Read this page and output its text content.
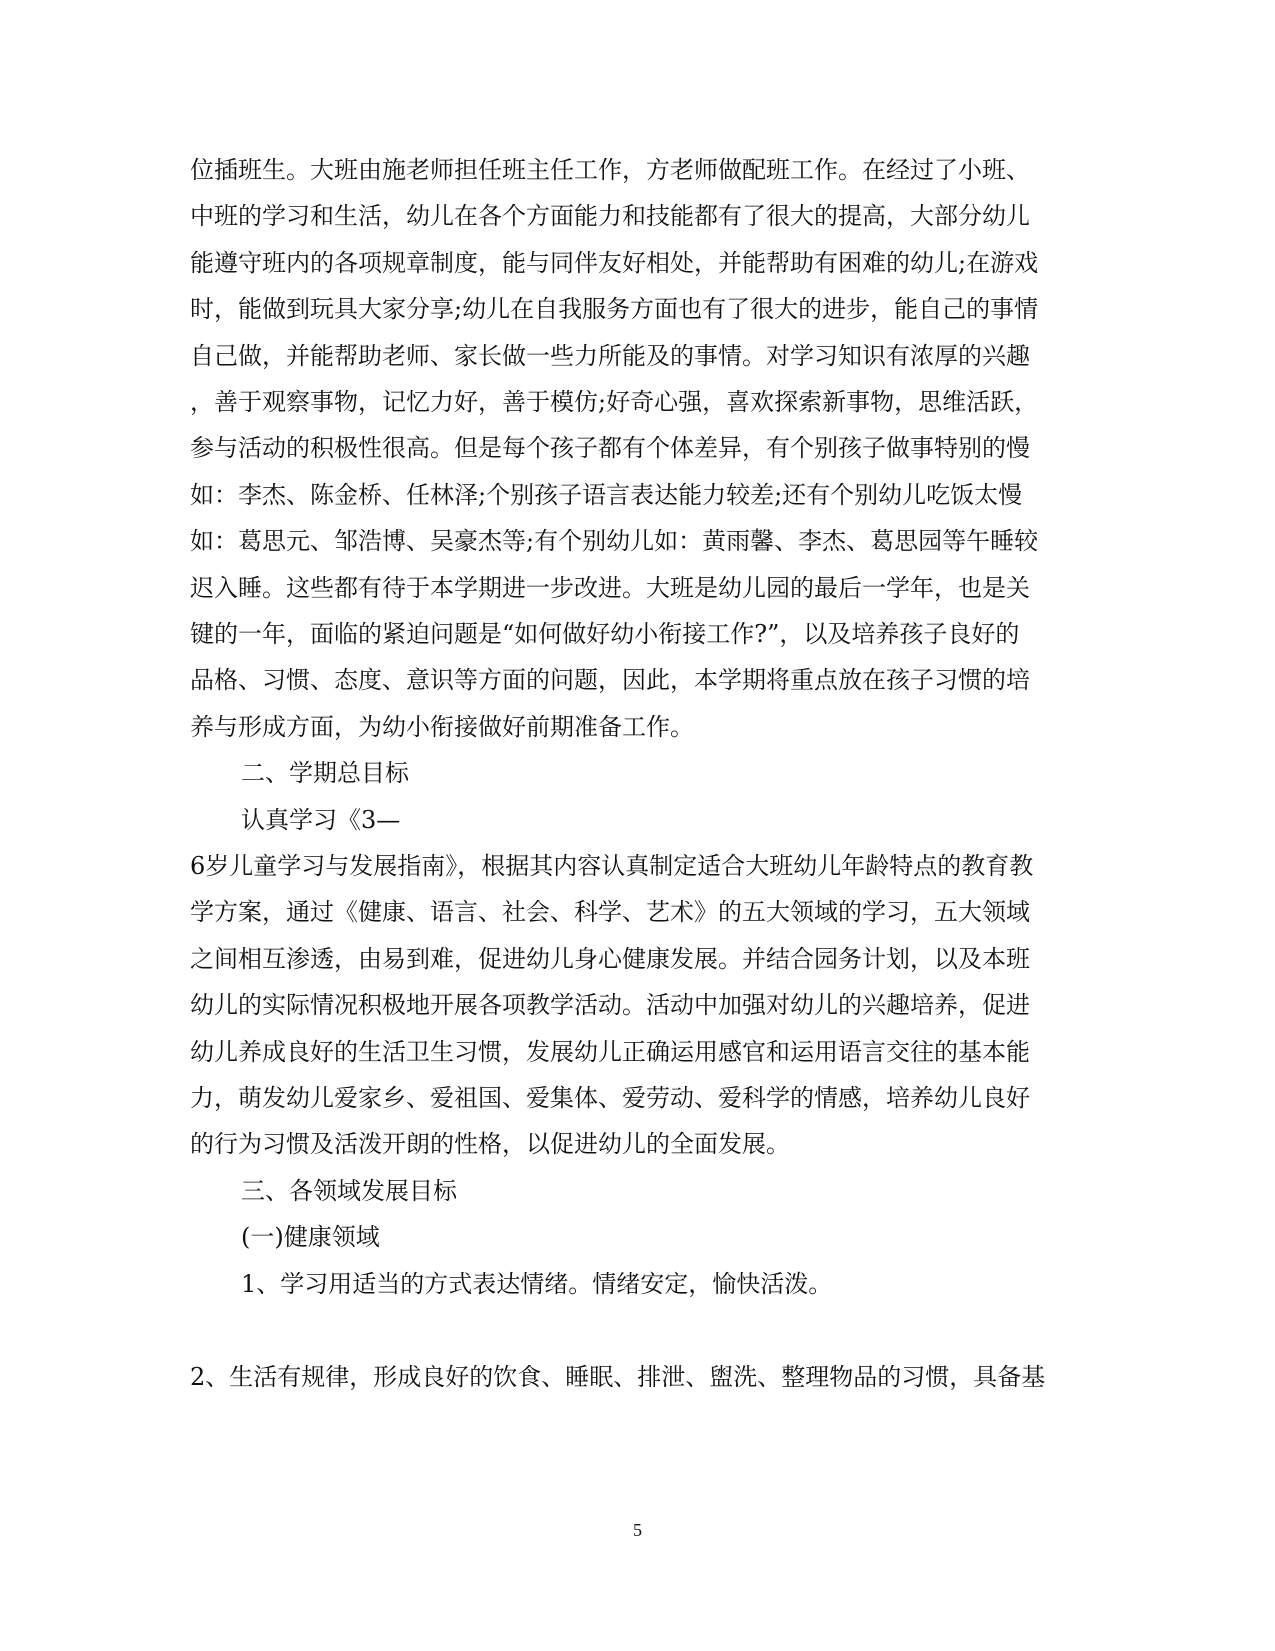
位插班生。大班由施老师担任班主任工作，方老师做配班工作。在经过了小班、
中班的学习和生活，幼儿在各个方面能力和技能都有了很大的提高，大部分幼儿
能遵守班内的各项规章制度，能与同伴友好相处，并能帮助有困难的幼儿;在游戏
时，能做到玩具大家分享;幼儿在自我服务方面也有了很大的进步，能自己的事情
自己做，并能帮助老师、家长做一些力所能及的事情。对学习知识有浓厚的兴趣
，善于观察事物，记忆力好，善于模仿;好奇心强，喜欢探索新事物，思维活跃，
参与活动的积极性很高。但是每个孩子都有个体差异，有个别孩子做事特别的慢
如：李杰、陈金桥、任林泽;个别孩子语言表达能力较差;还有个别幼儿吃饭太慢
如：葛思元、邹浩博、吴豪杰等;有个别幼儿如：黄雨馨、李杰、葛思园等午睡较
迟入睡。这些都有待于本学期进一步改进。大班是幼儿园的最后一学年，也是关
键的一年，面临的紧迫问题是“如何做好幼小衔接工作?”，以及培养孩子良好的
品格、习惯、态度、意识等方面的问题，因此，本学期将重点放在孩子习惯的培
养与形成方面，为幼小衔接做好前期准备工作。
二、学期总目标
认真学习《3—
6岁儿童学习与发展指南》，根据其内容认真制定适合大班幼儿年龄特点的教育教
学方案，通过《健康、语言、社会、科学、艺术》的五大领域的学习，五大领域
之间相互渗透，由易到难，促进幼儿身心健康发展。并结合园务计划，以及本班
幼儿的实际情况积极地开展各项教学活动。活动中加强对幼儿的兴趣培养，促进
幼儿养成良好的生活卫生习惯，发展幼儿正确运用感官和运用语言交往的基本能
力，萌发幼儿爱家乡、爱祖国、爱集体、爱劳动、爱科学的情感，培养幼儿良好
的行为习惯及活泼开朗的性格，以促进幼儿的全面发展。
三、各领域发展目标
(一)健康领域
1、学习用适当的方式表达情绪。情绪安定，愉快活泼。
2、生活有规律，形成良好的饮食、睡眠、排泄、盥洗、整理物品的习惯，具备基
5
